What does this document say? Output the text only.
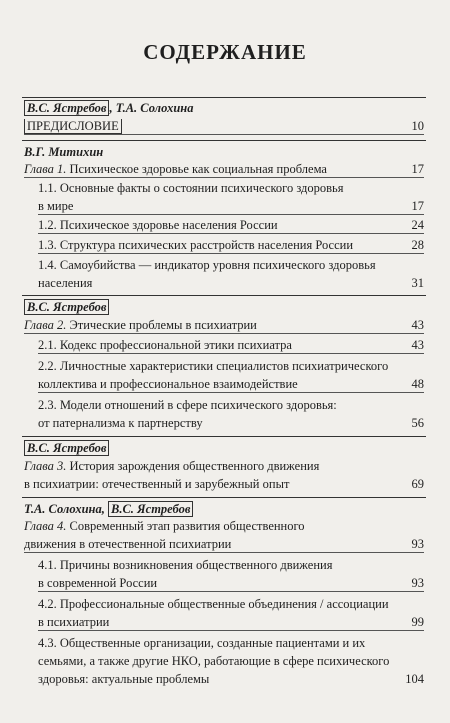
СОДЕРЖАНИЕ
В.С. Ястребов , Т.А. Солохина
ПРЕДИСЛОВИЕ	10
В.Г. Митихин
Глава 1. Психическое здоровье как социальная проблема	17
1.1. Основные факты о состоянии психического здоровья
в мире	17
1.2. Психическое здоровье населения России	24
1.3. Структура психических расстройств населения России	28
1.4. Самоубийства — индикатор уровня психического здоровья
населения	31
В.С. Ястребов
Глава 2. Этические проблемы в психиатрии	43
2.1. Кодекс профессиональной этики психиатра	43
2.2. Личностные характеристики специалистов психиатрического
коллектива и профессиональное взаимодействие	48
2.3. Модели отношений в сфере психического здоровья:
от патернализма к партнерству	56
В.С. Ястребов
Глава 3. История зарождения общественного движения
в психиатрии: отечественный и зарубежный опыт	69
Т.А. Солохина, В.С. Ястребов
Глава 4. Современный этап развития общественного
движения в отечественной психиатрии	93
4.1. Причины возникновения общественного движения
в современной России	93
4.2. Профессиональные общественные объединения / ассоциации
в психиатрии	99
4.3. Общественные организации, созданные пациентами и их
семьями, а также другие НКО, работающие в сфере психического
здоровья: актуальные проблемы	104
